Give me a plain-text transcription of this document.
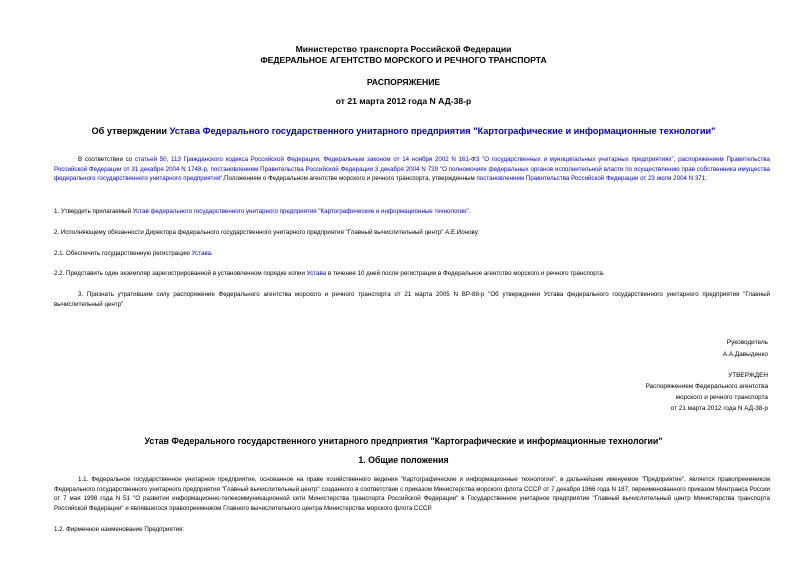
Министерство транспорта Российской Федерации
ФЕДЕРАЛЬНОЕ АГЕНТСТВО МОРСКОГО И РЕЧНОГО ТРАНСПОРТА
РАСПОРЯЖЕНИЕ
от 21 марта 2012 года N АД-38-р
Об утверждении Устава Федерального государственного унитарного предприятия "Картографические и информационные технологии"
В соответствии со статьей 50, 113 Гражданского кодекса Российской Федерации, Федеральным законом от 14 ноября 2002 N 161-ФЗ "О государственных и муниципальных унитарных предприятиях", распоряжением Правительства Российской Федерации от 31 декабря 2004 N 1748-р, постановлением Правительства Российской Федерации 3 декабря 2004 N 739 "О полномочиях федеральных органов исполнительной власти по осуществлению прав собственника имущества федерального государственного унитарного предприятия",Положением о Федеральном агентстве морского и речного транспорта, утвержденным постановлением Правительства Российской Федерации от 23 июля 2004 N 371:
1. Утвердить прилагаемый Устав федерального государственного унитарного предприятия "Картографические и информационные технологии".
2. Исполняющему обязанности Директора федерального государственного унитарного предприятия "Главный вычислительный центр" А.Е.Ионову:
2.1. Обеспечить государственную регистрацию Устава.
2.2. Представить один экземпляр зарегистрированной в установленном порядке копии Устава в течение 10 дней после регистрации в Федеральное агентство морского и речного транспорта.
3. Признать утратившим силу распоряжение Федерального агентства морского и речного транспорта от 21 марта 2005 N ВР-88-р "Об утверждении Устава федерального государственного унитарного предприятия "Главный вычислительный центр"
Руководитель
А.А.Давыденко
УТВЕРЖДЕН
Распоряжением Федерального агентства
морского и речного транспорта
от 21 марта 2012 года N АД-38-р
Устав Федерального государственного унитарного предприятия "Картографические и информационные технологии"
1. Общие положения
1.1. Федеральное государственное унитарное предприятие, основанное на праве хозяйственного ведения "Картографические и информационные технологии", в дальнейшем именуемое "Предприятие", является правопреемником Федерального государственного унитарного предприятия "Главный вычислительный центр" созданного в соответствии с приказом Министерства морского флота СССР от 7 декабря 1966 года N 187, переименованного приказом Минтранса России от 7 мая 1998 года N 51 "О развитии информационно-телекоммуникационной сети Министерства транспорта Российской Федерации" в Государственное унитарное предприятие "Главный вычислительный центр Министерства транспорта Российской Федерации" и являвшегося правопреемником Главного вычислительного центра Министерства морского флота СССР.
1.2. Фирменное наименование Предприятия:
